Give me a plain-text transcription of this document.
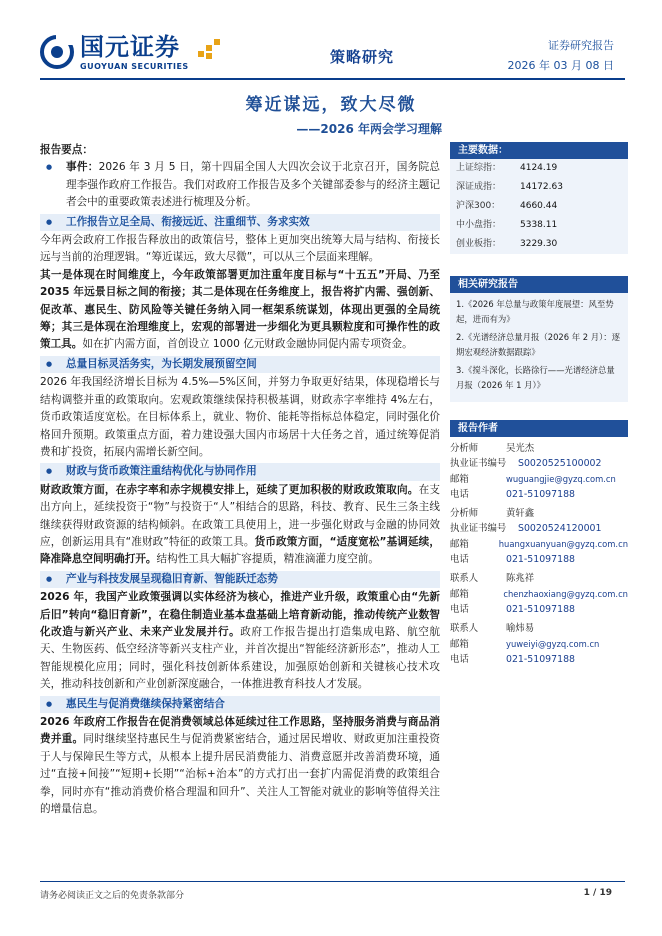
国元证券
GUOYUAN SECURITIES
策略研究
证券研究报告
2026 年 03 月 08 日
筹近谋远，致大尽微
——2026 年两会学习理解
报告要点：

● 事件：2026 年 3 月 5 日，第十四届全国人大四次会议于北京召开，国务院总理李强作政府工作报告。我们对政府工作报告及多个关键部委参与的经济主题记者会中的重要政策表述进行梳理及分析。

● 工作报告立足全局、衔接远近、注重细节、务求实效

今年两会政府工作报告释放出的政策信号，整体上更加突出统筹大局与结构、衔接长远与当前的治理逻辑。“筹近谋远，致大尽微”，可以从三个层面来理解。

其一是体现在时间维度上，今年政策部署更加注重年度目标与“十五五”开局、乃至 2035 年远景目标之间的衔接；其二是体现在任务维度上，报告将扩内需、强创新、促改革、惠民生、防风险等关键任务纳入同一框架系统谋划，体现出更强的全局统筹；其三是体现在治理维度上，宏观的部署进一步细化为更具颗粒度和可操作性的政策工具。如在扩内需方面，首创设立 1000 亿元财政金融协同促内需专项资金。

● 总量目标灵活务实，为长期发展预留空间

2026 年我国经济增长目标为 4.5%—5%区间，并努力争取更好结果，体现稳增长与结构调整并重的政策取向。宏观政策继续保持积极基调，财政赤字率维持 4%左右，货币政策适度宽松。在目标体系上，就业、物价、能耗等指标总体稳定，同时强化价格回升预期。政策重点方面，着力建设强大国内市场居十大任务之首，通过统筹促消费和扩投资，拓展内需增长新空间。

● 财政与货币政策注重结构优化与协同作用

财政政策方面，在赤字率和赤字规模安排上，延续了更加积极的财政政策取向。在支出方向上，延续投资于“物”与投资于“人”相结合的思路，科技、教育、民生三条主线继续获得财政资源的结构倾斜。在政策工具使用上，进一步强化财政与金融的协同效应，创新运用具有“准财政”特征的政策工具。货币政策方面，“适度宽松”基调延续，降准降息空间明确打开。结构性工具大幅扩容提质，精准滴灌力度空前。

● 产业与科技发展呈现稳旧育新、智能跃迁态势

2026 年，我国产业政策强调以实体经济为核心，推进产业升级，政策重心由“先新后旧”转向“稳旧育新”，在稳住制造业基本盘基础上培育新动能，推动传统产业数智化改造与新兴产业、未来产业发展并行。政府工作报告提出打造集成电路、航空航天、生物医药、低空经济等新兴支柱产业，并首次提出“智能经济新形态”，推动人工智能规模化应用；同时，强化科技创新体系建设，加强原始创新和关键核心技术攻关，推动科技创新和产业创新深度融合，一体推进教育科技人才发展。

● 惠民生与促消费继续保持紧密结合

2026 年政府工作报告在促消费领域总体延续过往工作思路，坚持服务消费与商品消费并重。同时继续坚持惠民生与促消费紧密结合，通过居民增收、财政更加注重投资于人与保障民生等方式，从根本上提升居民消费能力、消费意愿并改善消费环境，通过“直接+间接”“短期+长期”“治标+治本”的方式打出一套扩内需促消费的政策组合拳，同时亦有“推动消费价格合理温和回升”、关注人工智能对就业的影响等值得关注的增量信息。

主要数据：
上证综指：	4124.19
深证成指：	14172.63
沪深300：	4660.44
中小盘指：	5338.11
创业板指：	3229.30
相关研究报告
1.《2026 年总量与政策年度展望：风至势起，进而有为》
2.《光谱经济总量月报（2026 年 2 月）：逐期宏观经济数据跟踪》
3.《搅斗深化，长路徐行——光谱经济总量月报（2026 年 1 月）》
报告作者
分析师	吴光杰
执业证书编号	S0020525100002
邮箱	wuguangjie@gyzq.com.cn
电话	021-51097188
分析师	黄轩鑫
执业证书编号	S0020524120001
邮箱	huangxuanyuan@gyzq.com.cn
电话	021-51097188
联系人	陈兆祥
邮箱	chenzhaoxiang@gyzq.com.cn
电话	021-51097188
联系人	喻炜易
邮箱	yuweiyi@gyzq.com.cn
电话	021-51097188
请务必阅读正文之后的免责条款部分	1 / 19
